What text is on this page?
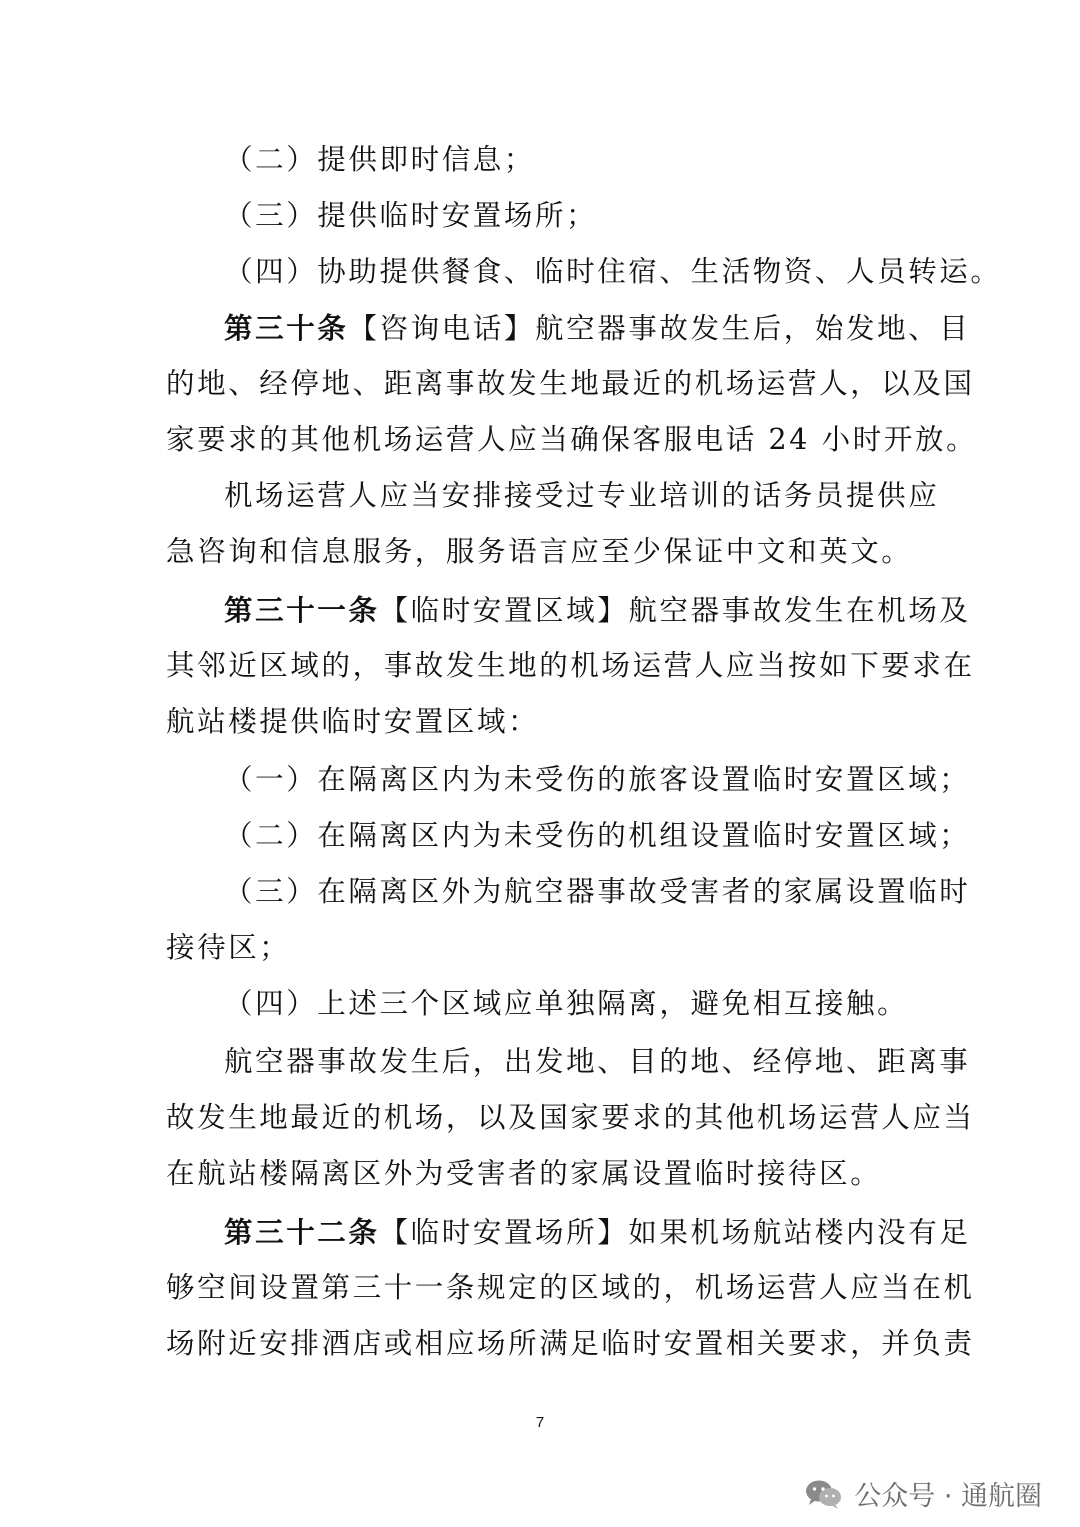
（二）提供即时信息；
（三）提供临时安置场所；
（四）协助提供餐食、临时住宿、生活物资、人员转运。
第三十条【咨询电话】航空器事故发生后，始发地、目
的地、经停地、距离事故发生地最近的机场运营人，以及国
家要求的其他机场运营人应当确保客服电话 24 小时开放。
机场运营人应当安排接受过专业培训的话务员提供应
急咨询和信息服务，服务语言应至少保证中文和英文。
第三十一条【临时安置区域】航空器事故发生在机场及
其邻近区域的，事故发生地的机场运营人应当按如下要求在
航站楼提供临时安置区域：
（一）在隔离区内为未受伤的旅客设置临时安置区域；
（二）在隔离区内为未受伤的机组设置临时安置区域；
（三）在隔离区外为航空器事故受害者的家属设置临时
接待区；
（四）上述三个区域应单独隔离，避免相互接触。
航空器事故发生后，出发地、目的地、经停地、距离事
故发生地最近的机场，以及国家要求的其他机场运营人应当
在航站楼隔离区外为受害者的家属设置临时接待区。
第三十二条【临时安置场所】如果机场航站楼内没有足
够空间设置第三十一条规定的区域的，机场运营人应当在机
场附近安排酒店或相应场所满足临时安置相关要求，并负责
7
公众号 · 通航圈
